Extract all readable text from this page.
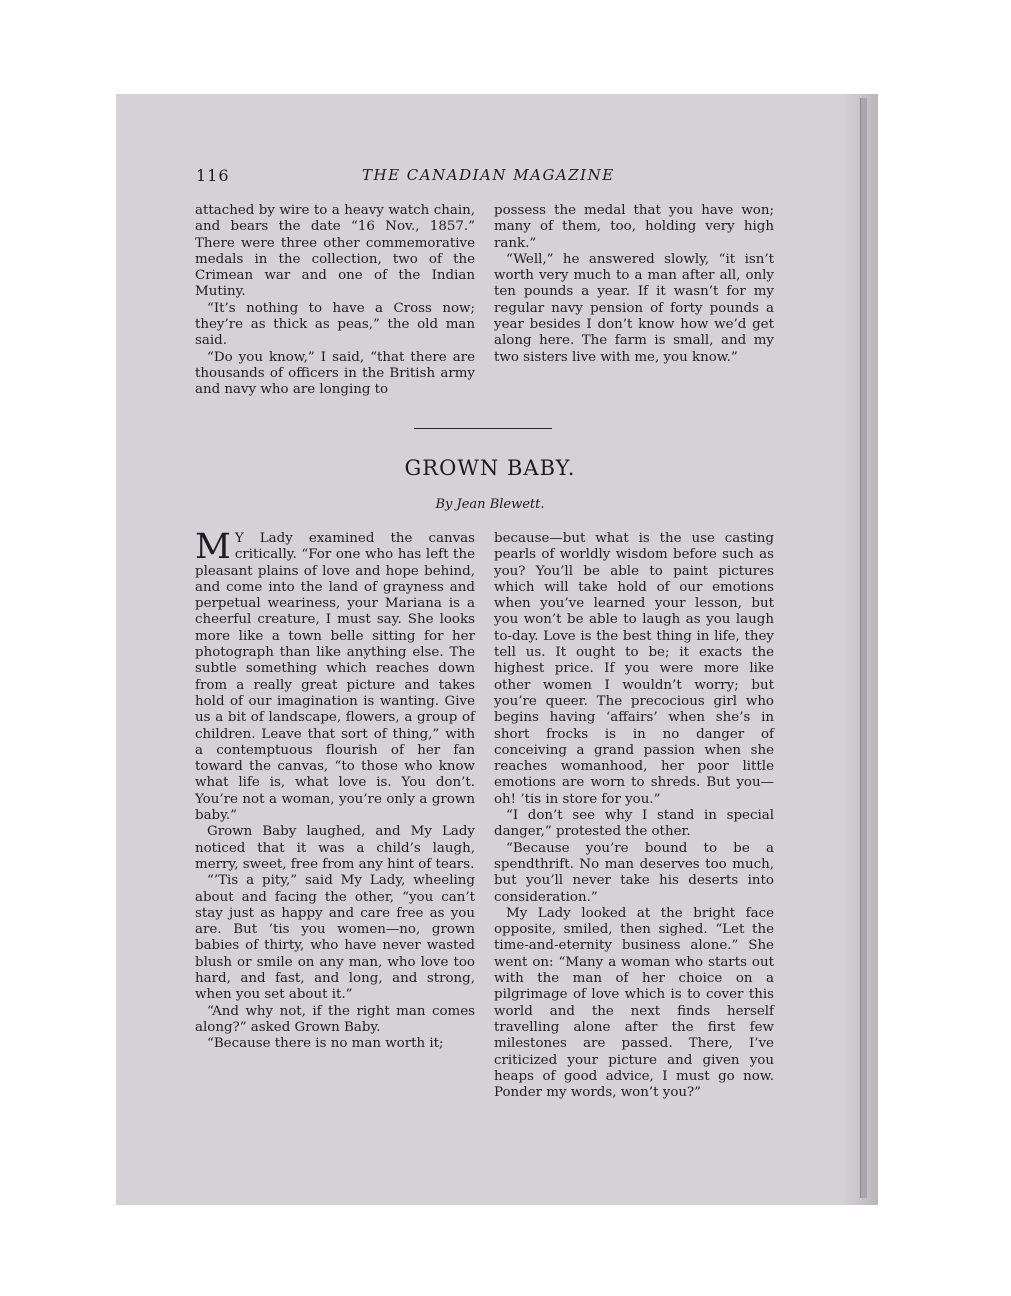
116	THE CANADIAN MAGAZINE

attached by wire to a heavy watch chain, and bears the date “16 Nov., 1857.” There were three other commemorative medals in the collection, two of the Crimean war and one of the Indian Mutiny.

“It’s nothing to have a Cross now; they’re as thick as peas,” the old man said.

“Do you know,” I said, “that there are thousands of officers in the British army and navy who are longing to

possess the medal that you have won; many of them, too, holding very high rank.”

“Well,” he answered slowly, “it isn’t worth very much to a man after all, only ten pounds a year. If it wasn’t for my regular navy pension of forty pounds a year besides I don’t know how we’d get along here. The farm is small, and my two sisters live with me, you know.”

GROWN BABY.
By Jean Blewett.

M Y Lady examined the canvas critically. “For one who has left the pleasant plains of love and hope behind, and come into the land of grayness and perpetual weariness, your Mariana is a cheerful creature, I must say. She looks more like a town belle sitting for her photograph than like anything else. The subtle something which reaches down from a really great picture and takes hold of our imagination is wanting. Give us a bit of landscape, flowers, a group of children. Leave that sort of thing,” with a contemptuous flourish of her fan toward the canvas, “to those who know what life is, what love is. You don’t. You’re not a woman, you’re only a grown baby.”

Grown Baby laughed, and My Lady noticed that it was a child’s laugh, merry, sweet, free from any hint of tears.

“’Tis a pity,” said My Lady, wheeling about and facing the other, “you can’t stay just as happy and care free as you are. But ’tis you women—no, grown babies of thirty, who have never wasted blush or smile on any man, who love too hard, and fast, and long, and strong, when you set about it.”

“And why not, if the right man comes along?” asked Grown Baby.

“Because there is no man worth it;

because—but what is the use casting pearls of worldly wisdom before such as you? You’ll be able to paint pictures which will take hold of our emotions when you’ve learned your lesson, but you won’t be able to laugh as you laugh to-day. Love is the best thing in life, they tell us. It ought to be; it exacts the highest price. If you were more like other women I wouldn’t worry; but you’re queer. The precocious girl who begins having ‘affairs’ when she’s in short frocks is in no danger of conceiving a grand passion when she reaches womanhood, her poor little emotions are worn to shreds. But you—oh! ’tis in store for you.”

“I don’t see why I stand in special danger,” protested the other.

“Because you’re bound to be a spendthrift. No man deserves too much, but you’ll never take his deserts into consideration.”

My Lady looked at the bright face opposite, smiled, then sighed. “Let the time-and-eternity business alone.” She went on: “Many a woman who starts out with the man of her choice on a pilgrimage of love which is to cover this world and the next finds herself travelling alone after the first few milestones are passed. There, I’ve criticized your picture and given you heaps of good advice, I must go now. Ponder my words, won’t you?”
